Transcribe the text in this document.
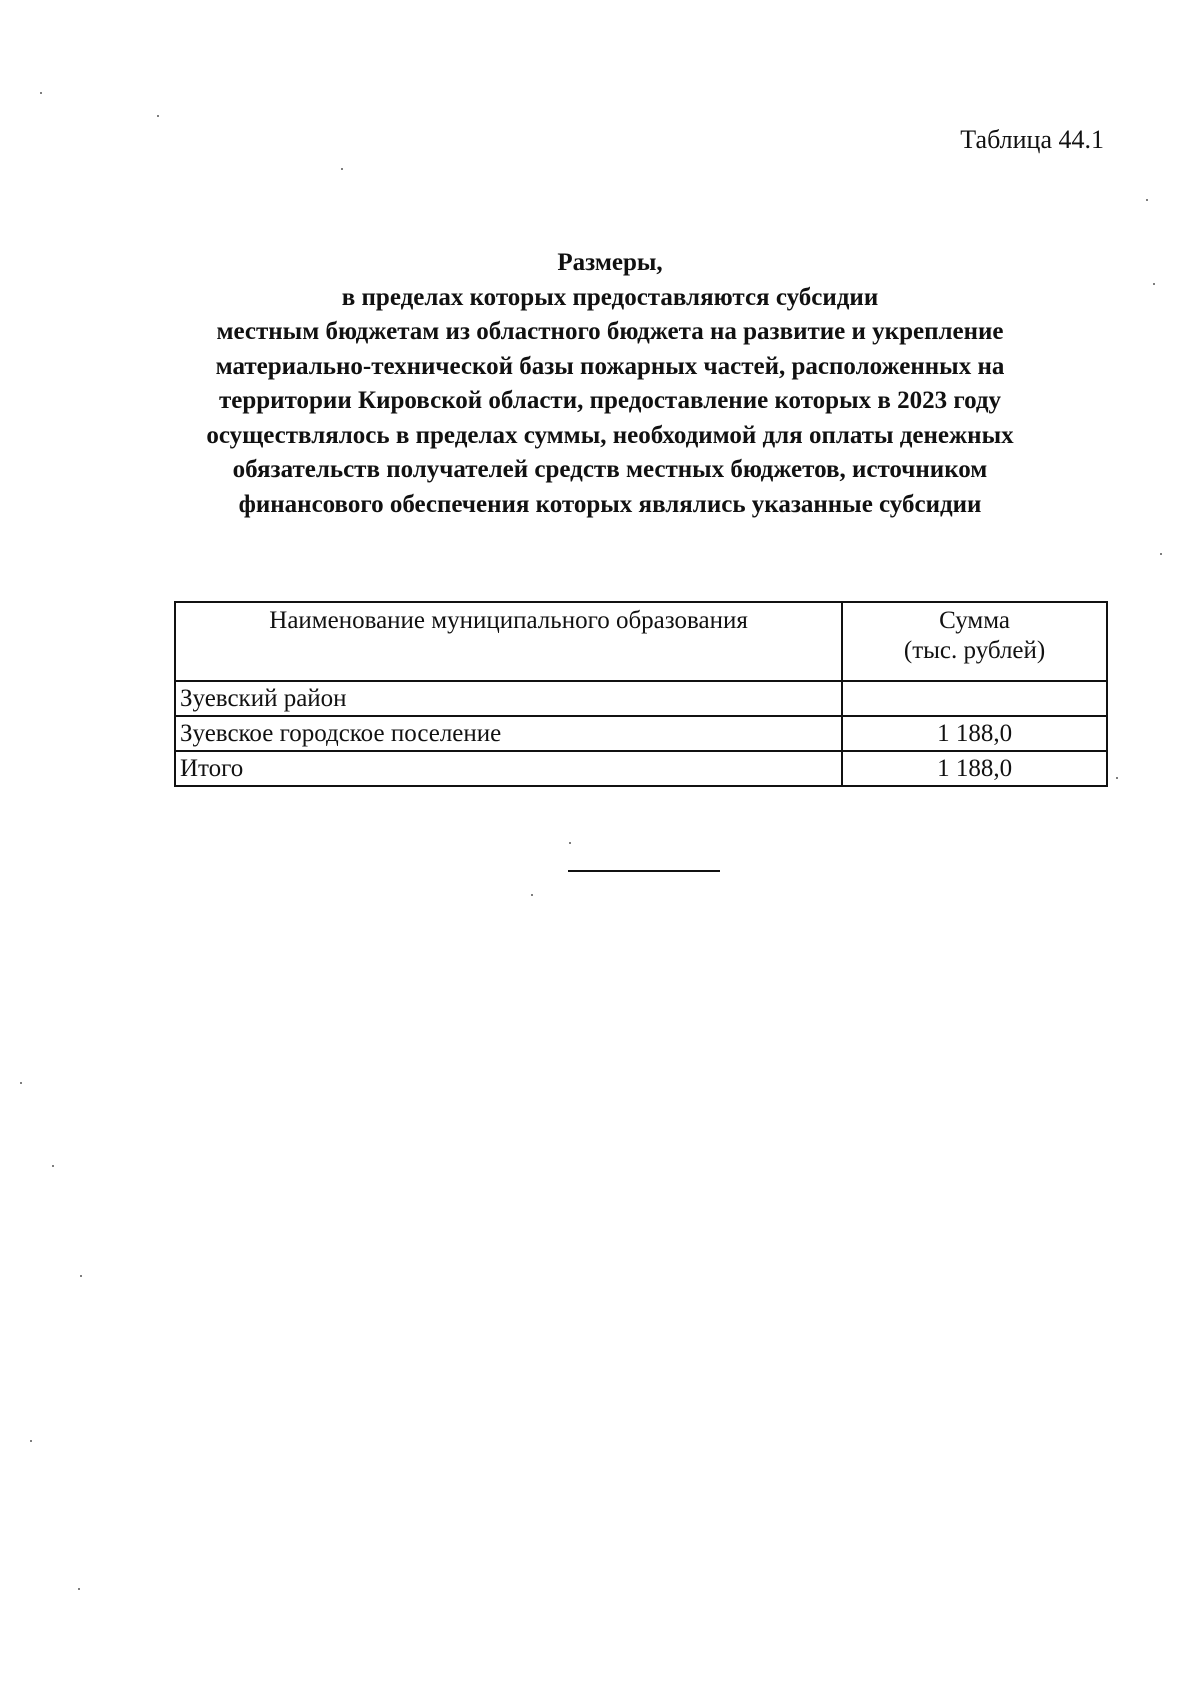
Таблица 44.1
Размеры,
в пределах которых предоставляются субсидии
местным бюджетам из областного бюджета на развитие и укрепление
материально-технической базы пожарных частей, расположенных на
территории Кировской области, предоставление которых в 2023 году
осуществлялось в пределах суммы, необходимой для оплаты денежных
обязательств получателей средств местных бюджетов, источником
финансового обеспечения которых являлись указанные субсидии
Наименование муниципального образования	Сумма
(тыс. рублей)

Зуевский район	
Зуевское городское поселение	1 188,0
Итого	1 188,0
